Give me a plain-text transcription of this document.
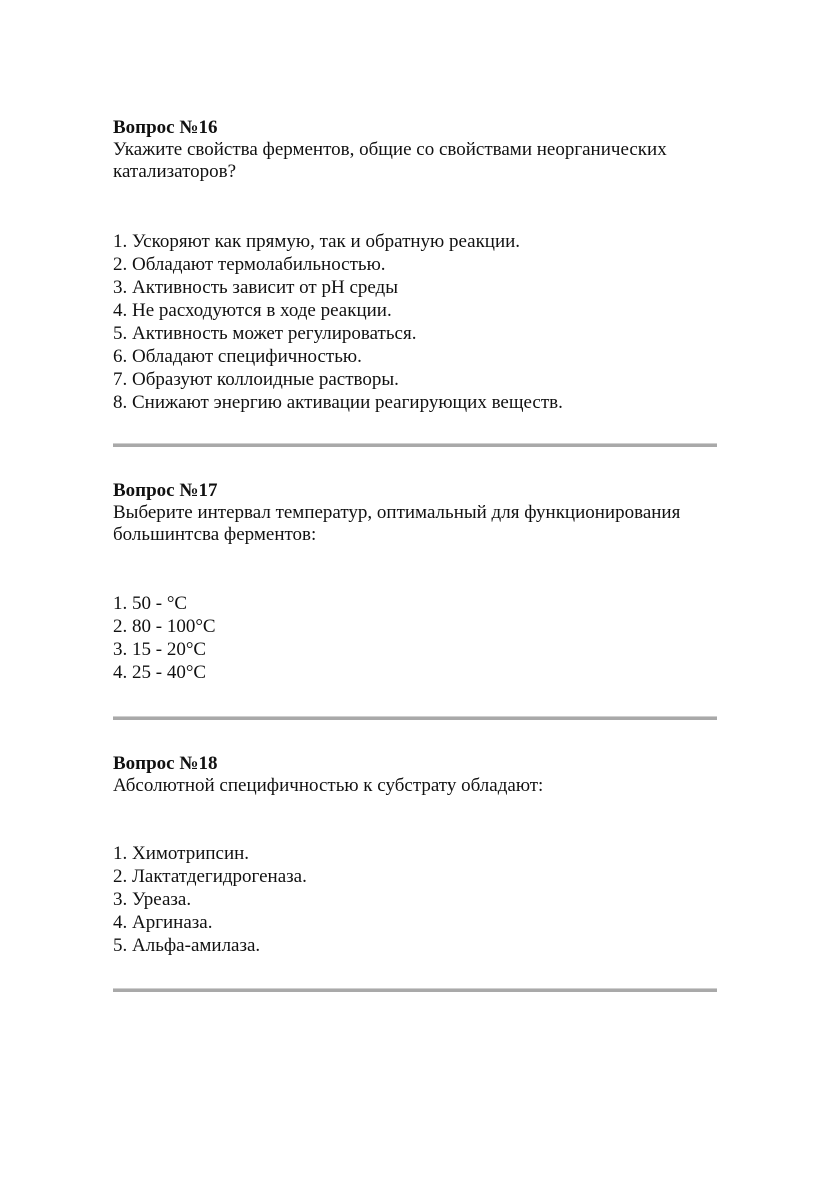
Вопрос №16

Укажите свойства ферментов, общие со свойствами неорганических

катализаторов?

1. Ускоряют как прямую, так и обратную реакции.
2. Обладают термолабильностью.
3. Активность зависит от pH среды
4. Не расходуются в ходе реакции.
5. Активность может регулироваться.
6. Обладают специфичностью.
7. Образуют коллоидные растворы.
8. Снижают энергию активации реагирующих веществ.

Вопрос №17

Выберите интервал температур, оптимальный для функционирования

большинтсва ферментов:

1. 50 - °C
2. 80 - 100°C
3. 15 - 20°C
4. 25 - 40°C

Вопрос №18

Абсолютной специфичностью к субстрату обладают:

1. Химотрипсин.
2. Лактатдегидрогеназа.
3. Уреаза.
4. Аргиназа.
5. Альфа-амилаза.
